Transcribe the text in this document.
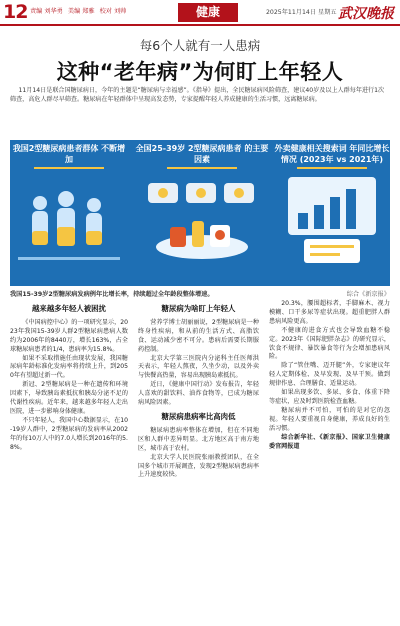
12 责编 刘华勇 美编 郑雅 校对 刘帅	健康	2025年11月14日 星期五 武汉晚报
每6个人就有一人患病
这种“老年病”为何盯上年轻人

11月14日是联合国糖尿病日，今年的主题是“糖尿病与幸福感”。《指导》提出，全民糖尿病风险筛查，建议40岁及以上人群每年进行1次筛查，高危人群尽早筛查。糖尿病在年轻群体中呈现高发态势，专家提醒年轻人养成健康的生活习惯，远离糖尿病。

我国2型糖尿病患者群体 不断增加
全国25-39岁 2型糖尿病患者 的主要因素
外卖健康相关搜索词 年同比增长情况 (2023年 vs 2021年)
我国15-39岁2型糖尿病发病例年比增长率，持续超过全年龄段整体增速。	综合《新京报》
越来越多年轻人被困扰

《中国病控中心》的一项研究显示，2023年我国15-39岁人群2型糖尿病患病人数约为2006年的8440万，增长163%，占全球糖尿病患者的1/4，患病率为15.8%。

如果不采取措施任由现状发展，我国糖尿病年龄标准化发病率将持续上升，到2050年有望超过新一代。

新冠、2型糖尿病是一种在遗传和环境因素下，导致胰岛素抵抗和胰岛分泌不足的代谢性疾病。近年来，越来越多年轻人走出医院，进一步影响身体健康。

不只年轻人，我国中心数据显示，在10-19岁人群中，2型糖尿病的发病率从2002年的每10万人中的7.0人增长到2016年的5.8%。

糖尿病为啥盯上年轻人

营养学博士胡丽丽说，2型糖尿病是一种终身性疾病，和从前的生活方式、高脂饮食、运动减少密不可分。患病后需要长期服药控制。

北京大学第三医院内分泌科主任医师洪天表示，年轻人熬夜，久坐少动，以及外卖与快餐高热量，容易出现胰岛素抵抗。

近日，《健康中国行动》发布报告，年轻人喜欢的甜饮料、油炸食物等，已成为糖尿病风险因素。

糖尿病患病率比高肉低

糖尿病患病率整体在增加，但在不同地区和人群中差异明显。北方地区高于南方地区，城市高于农村。

北京大学人民医院张丽教授团队，在全国多个城市开展调查，发现2型糖尿病患病率上升速度较快。

20.3%，腰围超标者，手脚麻木、视力模糊、口干多尿等症状出现。超重肥胖人群患病风险更高。

不健康的进食方式也会导致血糖不稳定。2023年《国际肥胖杂志》的研究显示，饮食不规律、暴饮暴食等行为会增加患病风险。

除了“管住嘴、迈开腿”外，专家建议年轻人定期体检、及早发现、及早干预。做到规律作息、合理膳食、适量运动。

如果出现多饮、多尿、多食、体重下降等症状，应及时到医院检查血糖。

糖尿病并不可怕，可怕的是对它的忽视。年轻人要重视自身健康，养成良好的生活习惯。

综合新华社、《新京报》、国家卫生健康委官网报道
